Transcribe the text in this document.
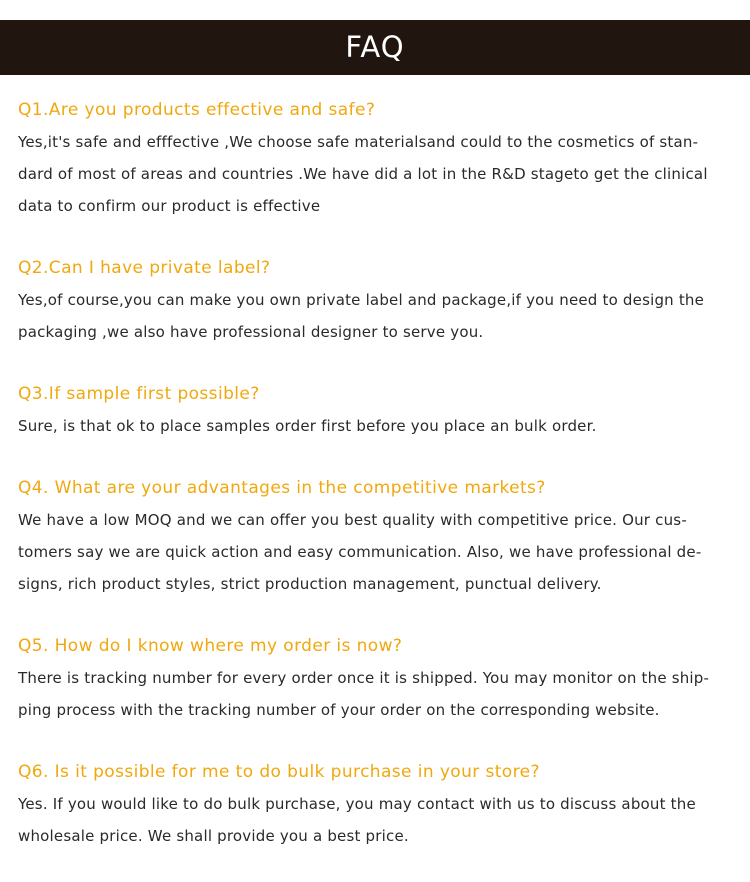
FAQ
Q1.Are you products effective and safe?

Yes,it's safe and efffective ,We choose safe materialsand could to the cosmetics of stan-
dard of most of areas and countries .We have did a lot in the R&D stageto get the clinical
data to confirm our product is effective

Q2.Can I have private label?

Yes,of course,you can make you own private label and package,if you need to design the
packaging ,we also have professional designer to serve you.

Q3.If sample first possible?

Sure, is that ok to place samples order first before you place an bulk order.

Q4. What are your advantages in the competitive markets?

We have a low MOQ and we can offer you best quality with competitive price. Our cus-
tomers say we are quick action and easy communication. Also, we have professional de-
signs, rich product styles, strict production management, punctual delivery.

Q5. How do I know where my order is now?

There is tracking number for every order once it is shipped. You may monitor on the ship-
ping process with the tracking number of your order on the corresponding website.

Q6. Is it possible for me to do bulk purchase in your store?

Yes. If you would like to do bulk purchase, you may contact with us to discuss about the
wholesale price. We shall provide you a best price.
